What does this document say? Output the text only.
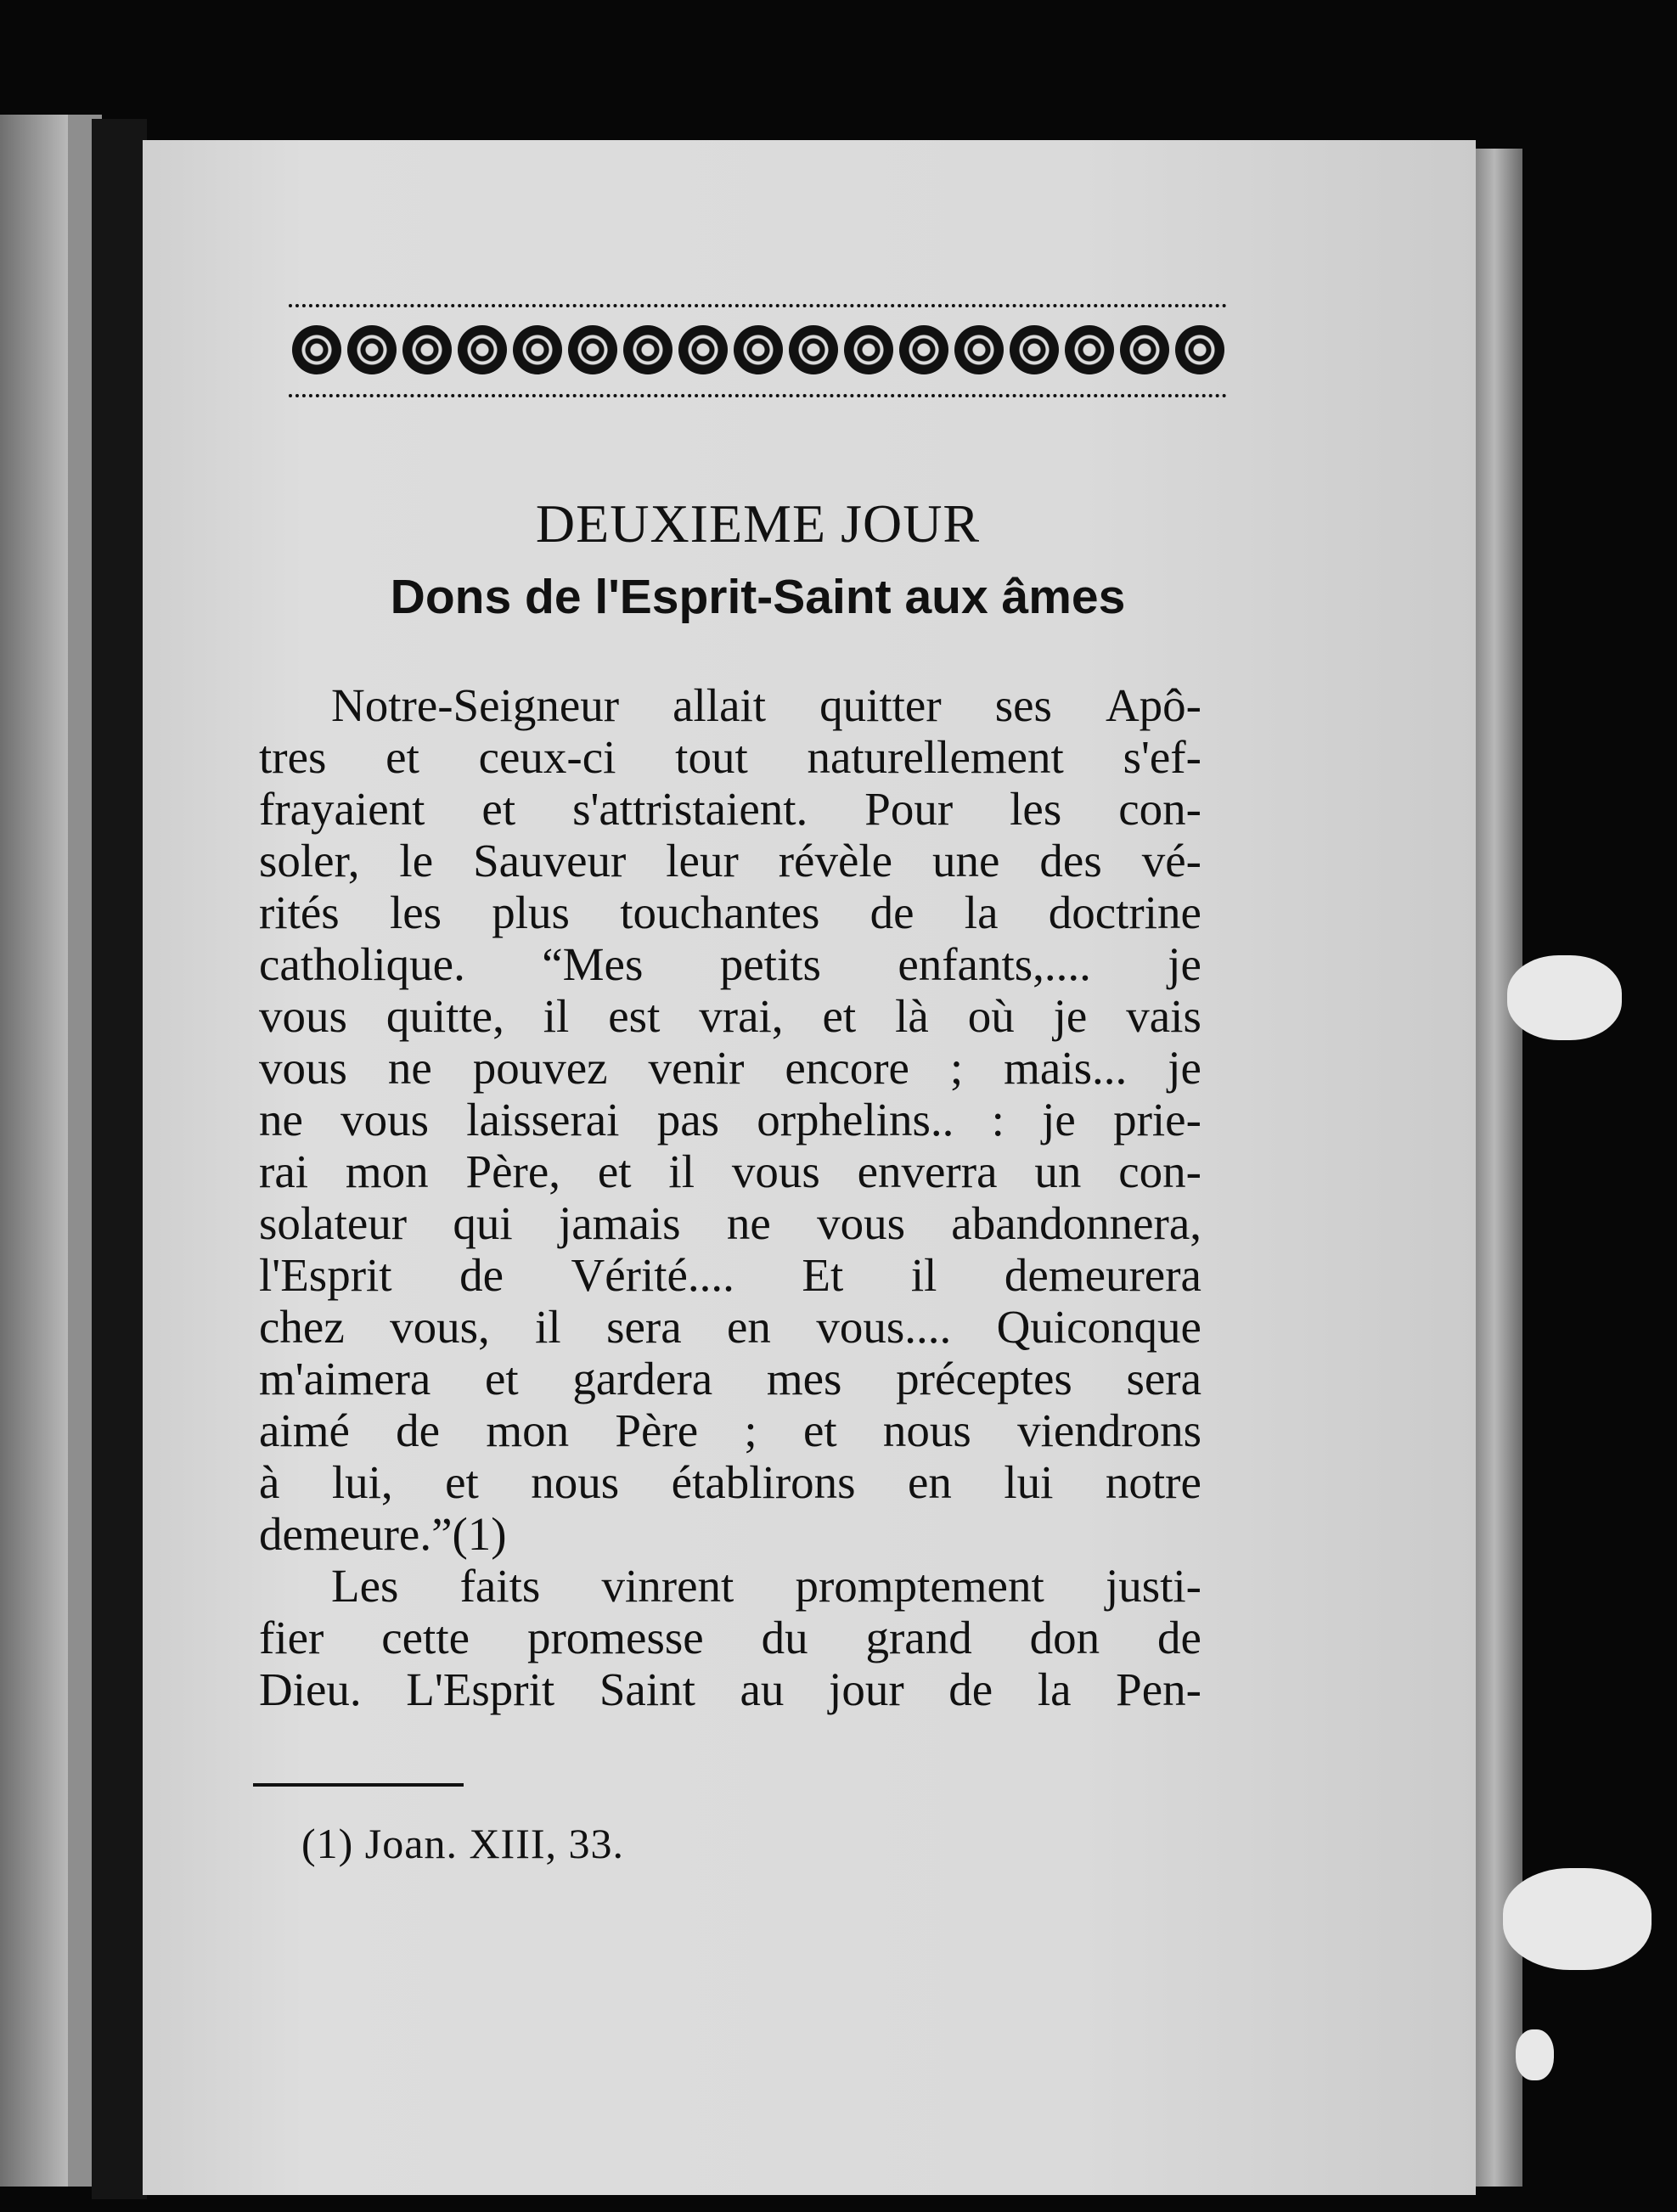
DEUXIEME JOUR
Dons de l'Esprit-Saint aux âmes
Notre-Seigneur allait quitter ses Apô-
tres et ceux-ci tout naturellement s'ef-
frayaient et s'attristaient. Pour les con-
soler, le Sauveur leur révèle une des vé-
rités les plus touchantes de la doctrine
catholique. “Mes petits enfants,.... je
vous quitte, il est vrai, et là où je vais
vous ne pouvez venir encore ; mais... je
ne vous laisserai pas orphelins.. : je prie-
rai mon Père, et il vous enverra un con-
solateur qui jamais ne vous abandonnera,
l'Esprit de Vérité.... Et il demeurera
chez vous, il sera en vous.... Quiconque
m'aimera et gardera mes préceptes sera
aimé de mon Père ; et nous viendrons
à lui, et nous établirons en lui notre
demeure.”(1)
Les faits vinrent promptement justi-
fier cette promesse du grand don de
Dieu. L'Esprit Saint au jour de la Pen-
(1) Joan. XIII, 33.
